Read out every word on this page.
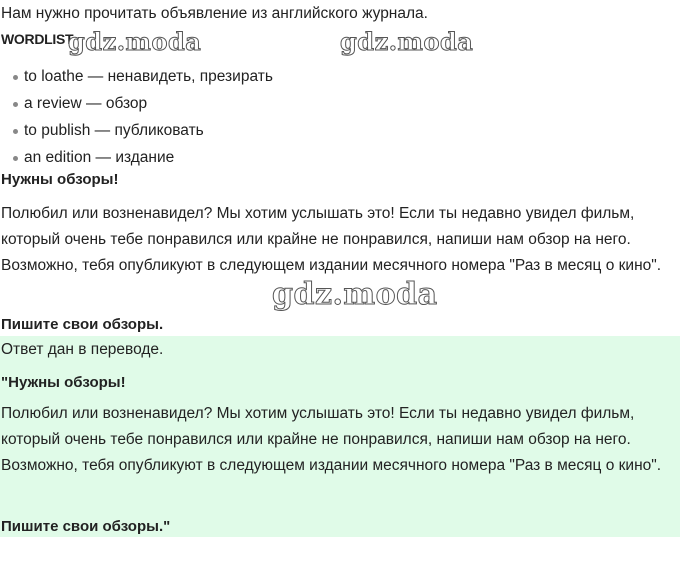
Нам нужно прочитать объявление из английского журнала.
WORDLIST
gdz.moda	gdz.moda
to loathe — ненавидеть, презирать
a review — обзор
to publish — публиковать
an edition — издание
Нужны обзоры!
Полюбил или возненавидел? Мы хотим услышать это! Если ты недавно увидел фильм, который очень тебе понравился или крайне не понравился, напиши нам обзор на него. Возможно, тебя опубликуют в следующем издании месячного номера "Раз в месяц о кино".
gdz.moda
Пишите свои обзоры.
Ответ дан в переводе.
"Нужны обзоры!
Полюбил или возненавидел? Мы хотим услышать это! Если ты недавно увидел фильм, который очень тебе понравился или крайне не понравился, напиши нам обзор на него. Возможно, тебя опубликуют в следующем издании месячного номера "Раз в месяц о кино".
Пишите свои обзоры."
